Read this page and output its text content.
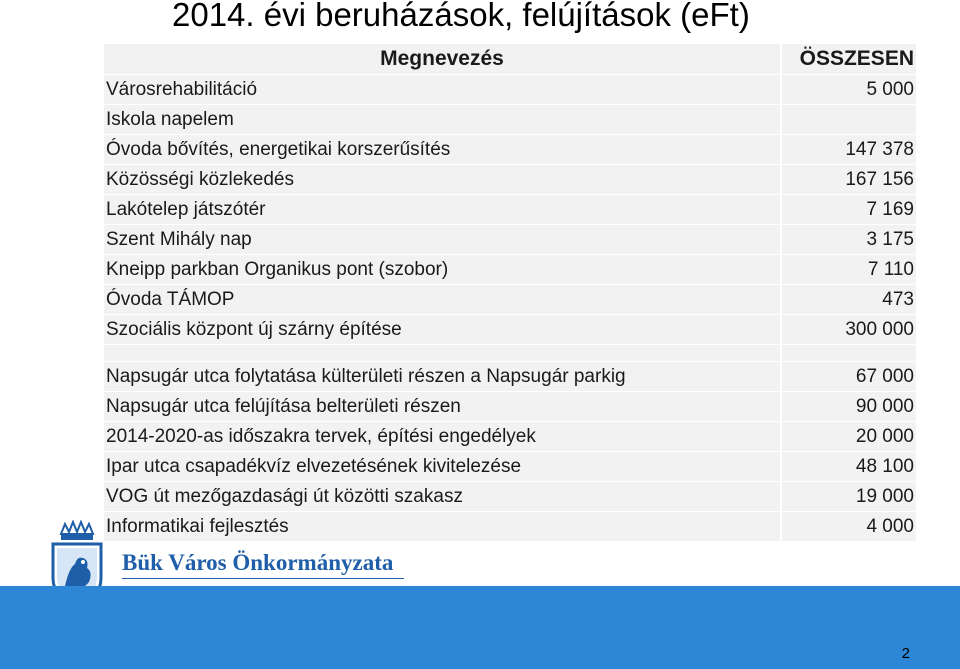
2014. évi beruházások, felújítások (eFt)
Megnevezés	ÖSSZESEN
Városrehabilitáció	5 000
Iskola napelem
Óvoda bővítés, energetikai korszerűsítés	147 378
Közösségi közlekedés	167 156
Lakótelep játszótér	7 169
Szent Mihály nap	3 175
Kneipp parkban Organikus pont (szobor)	7 110
Óvoda TÁMOP	473
Szociális központ új szárny építése	300 000
Napsugár utca folytatása külterületi részen a Napsugár parkig	67 000
Napsugár utca felújítása belterületi részen	90 000
2014-2020-as időszakra tervek, építési engedélyek	20 000
Ipar utca csapadékvíz elvezetésének kivitelezése	48 100
VOG út mezőgazdasági út közötti szakasz	19 000
Informatikai fejlesztés	4 000
Bük Város Önkormányzata
2
